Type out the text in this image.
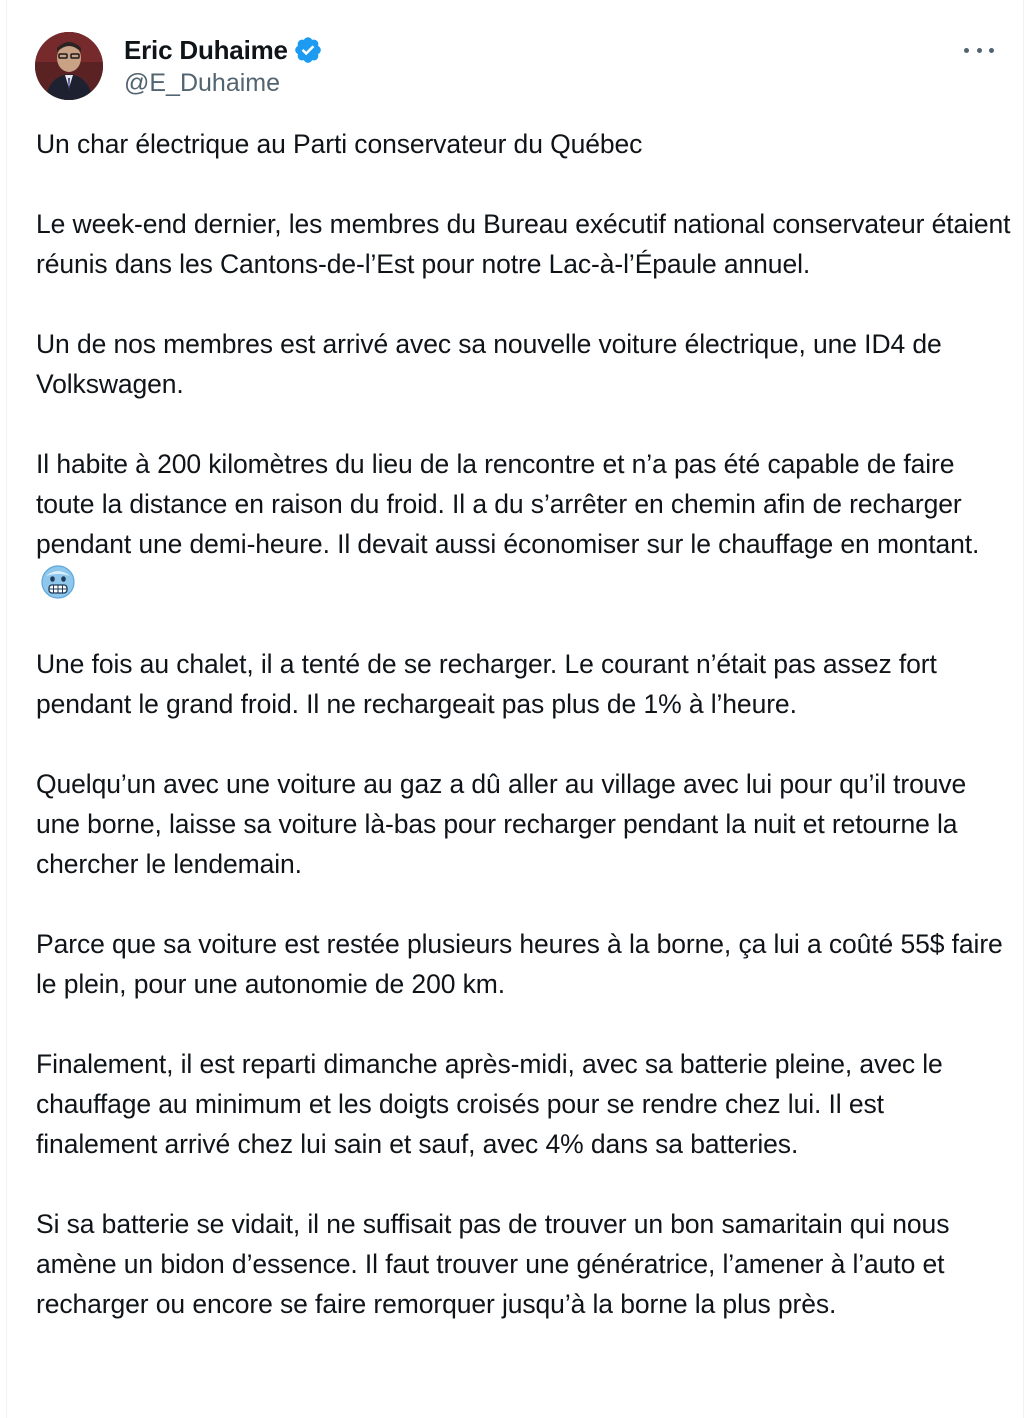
Eric Duhaime
@E_Duhaime

Un char électrique au Parti conservateur du Québec

Le week-end dernier, les membres du Bureau exécutif national conservateur étaient réunis dans les Cantons-de-l’Est pour notre Lac-à-l’Épaule annuel.

Un de nos membres est arrivé avec sa nouvelle voiture électrique, une ID4 de Volkswagen.

Il habite à 200 kilomètres du lieu de la rencontre et n’a pas été capable de faire toute la distance en raison du froid. Il a du s’arrêter en chemin afin de recharger pendant une demi-heure. Il devait aussi économiser sur le chauffage en montant.

Une fois au chalet, il a tenté de se recharger. Le courant n’était pas assez fort pendant le grand froid. Il ne rechargeait pas plus de 1% à l’heure.

Quelqu’un avec une voiture au gaz a dû aller au village avec lui pour qu’il trouve une borne, laisse sa voiture là-bas pour recharger pendant la nuit et retourne la chercher le lendemain.

Parce que sa voiture est restée plusieurs heures à la borne, ça lui a coûté 55$ faire le plein, pour une autonomie de 200 km.

Finalement, il est reparti dimanche après-midi, avec sa batterie pleine, avec le chauffage au minimum et les doigts croisés pour se rendre chez lui. Il est finalement arrivé chez lui sain et sauf, avec 4% dans sa batteries.

Si sa batterie se vidait, il ne suffisait pas de trouver un bon samaritain qui nous amène un bidon d’essence. Il faut trouver une génératrice, l’amener à l’auto et recharger ou encore se faire remorquer jusqu’à la borne la plus près.
